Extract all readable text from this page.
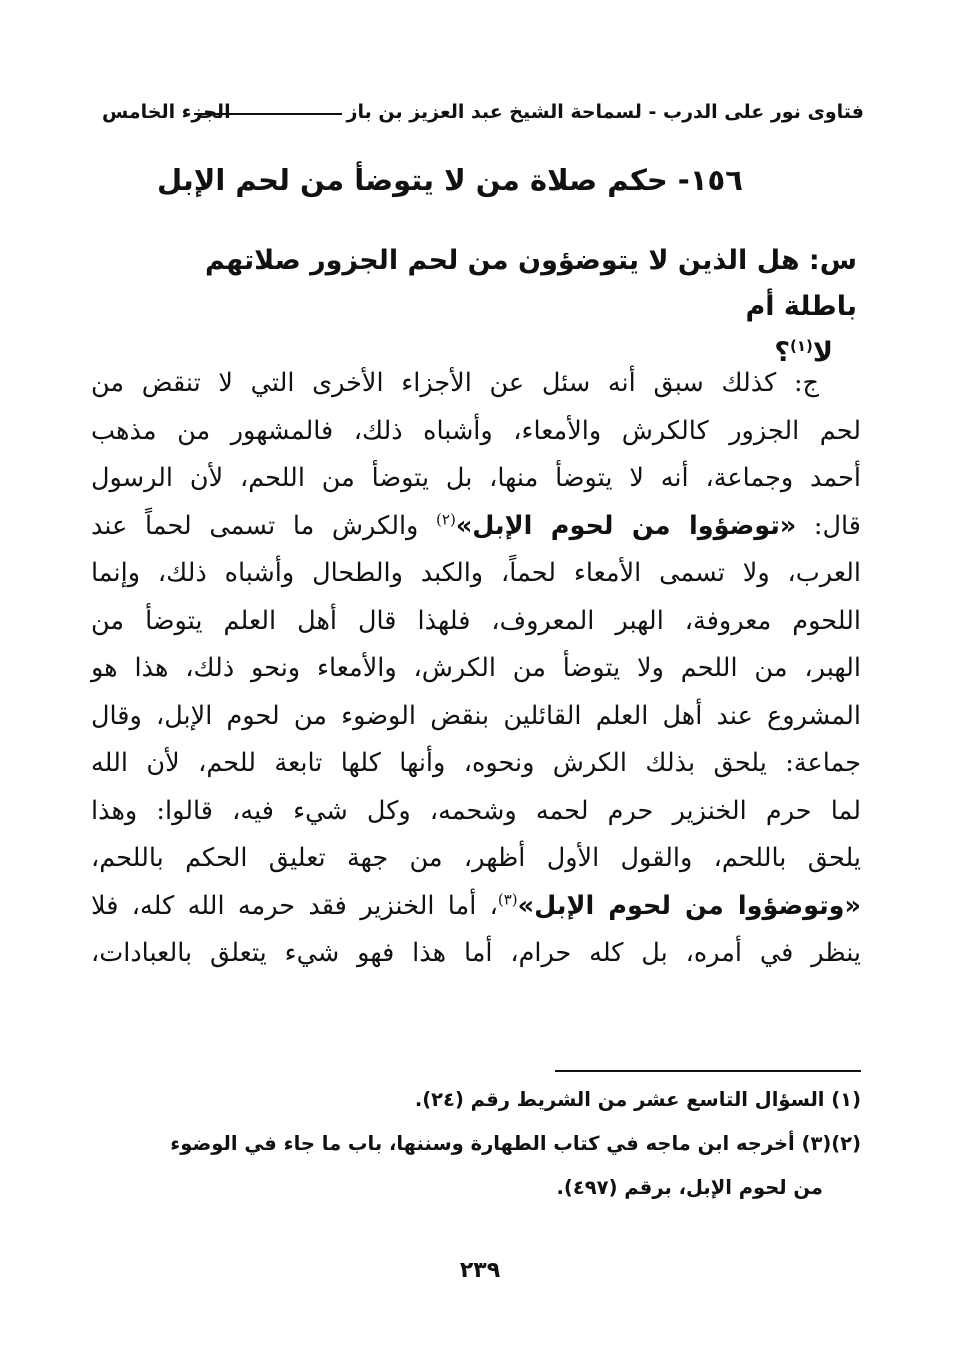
فتاوى نور على الدرب - لسماحة الشيخ عبد العزيز بن باز
الجزء الخامس
١٥٦- حكم صلاة من لا يتوضأ من لحم الإبل
س: هل الذين لا يتوضؤون من لحم الجزور صلاتهم باطلة أم
لا$^{(١)}$؟
ج: كذلك سبق أنه سئل عن الأجزاء الأخرى التي لا تنقض من
لحم الجزور كالكرش والأمعاء، وأشباه ذلك، فالمشهور من مذهب
أحمد وجماعة، أنه لا يتوضأ منها، بل يتوضأ من اللحم، لأن الرسول
قال: «توضؤوا من لحوم الإبل»$^{(٢)}$ والكرش ما تسمى لحماً عند
العرب، ولا تسمى الأمعاء لحماً، والكبد والطحال وأشباه ذلك، وإنما
اللحوم معروفة، الهبر المعروف، فلهذا قال أهل العلم يتوضأ من
الهبر، من اللحم ولا يتوضأ من الكرش، والأمعاء ونحو ذلك، هذا هو
المشروع عند أهل العلم القائلين بنقض الوضوء من لحوم الإبل، وقال
جماعة: يلحق بذلك الكرش ونحوه، وأنها كلها تابعة للحم، لأن الله
لما حرم الخنزير حرم لحمه وشحمه، وكل شيء فيه، قالوا: وهذا
يلحق باللحم، والقول الأول أظهر، من جهة تعليق الحكم باللحم،
«وتوضؤوا من لحوم الإبل»$^{(٣)}$، أما الخنزير فقد حرمه الله كله، فلا
ينظر في أمره، بل كله حرام، أما هذا فهو شيء يتعلق بالعبادات،
(١) السؤال التاسع عشر من الشريط رقم (٢٤).
(٢)(٣) أخرجه ابن ماجه في كتاب الطهارة وسننها، باب ما جاء في الوضوء
من لحوم الإبل، برقم (٤٩٧).
٢٣٩
